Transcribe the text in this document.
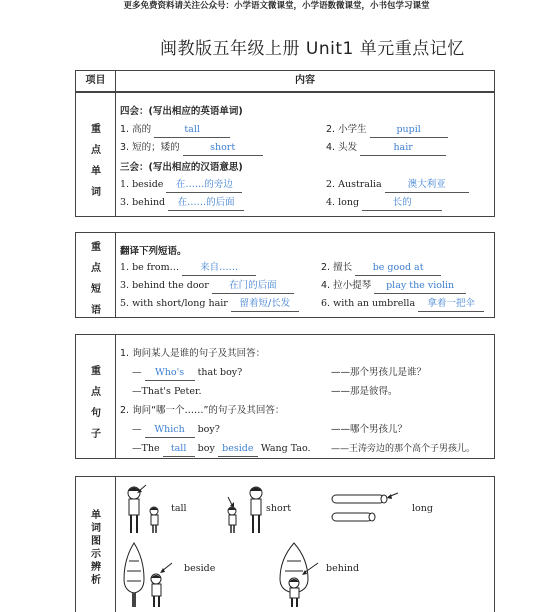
更多免费资料请关注公众号：小学语文微课堂，小学语数微课堂，小书包学习课堂
闽教版五年级上册 Unit1 单元重点记忆
项目	内容
重
点
单
词
四会：(写出相应的英语单词)
1. 高的	tall	2. 小学生	pupil
3. 短的；矮的	short	4. 头发	hair
三会：(写出相应的汉语意思)
1. beside 在……的旁边	2. Australia	澳大利亚
3. behind 在……的后面	4. long	长的
重
点
短
语
翻译下列短语。
1. be from… 来自……	2. 擅长 be good at
3. behind the door 在门的后面	4. 拉小提琴 play the violin
5. with short/long hair 留着短/长发	6. with an umbrella 拿着一把伞
重
点
句
子
1. 询问某人是谁的句子及其回答：
— Who's that boy?	——那个男孩儿是谁？
—That's Peter.	——那是彼得。
2. 询问“哪一个……”的句子及其回答：
— Which boy?	——哪个男孩儿？
—The tall boy beside Wang Tao. ——王涛旁边的那个高个子男孩儿。
单
词
图
示
辨
析
tall	short	long
beside	behind
